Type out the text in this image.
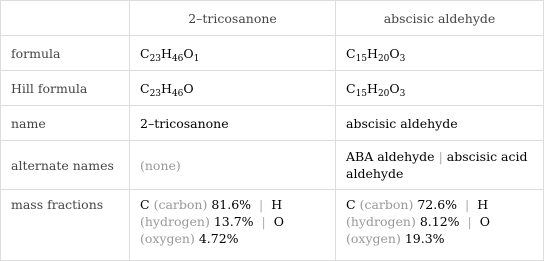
	2–tricosanone	abscisic aldehyde
formula	$C_{23}H_{46}O_1$	$C_{15}H_{20}O_3$
Hill formula	$C_{23}H_{46}O$	$C_{15}H_{20}O_3$
name	2–tricosanone	abscisic aldehyde
alternate names	(none)	ABA aldehyde | abscisic acid aldehyde
mass fractions	C (carbon) 81.6% | H (hydrogen) 13.7% | O (oxygen) 4.72%	C (carbon) 72.6% | H (hydrogen) 8.12% | O (oxygen) 19.3%
